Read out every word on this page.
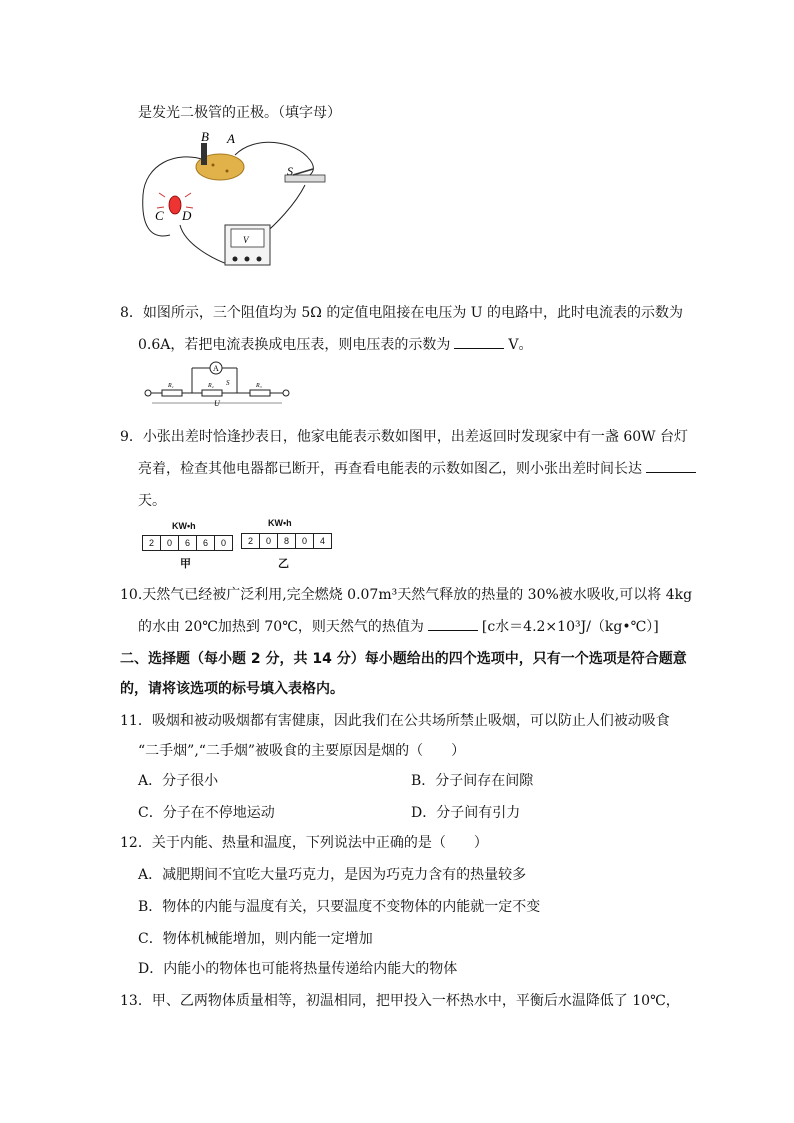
是发光二极管的正极。（填字母）
V
B A
S
C D
8．如图所示，三个阻值均为 5Ω 的定值电阻接在电压为 U 的电路中，此时电流表的示数为
0.6A，若把电流表换成电压表，则电压表的示数为	V。
A
R₁	R₂ S	R₃
U
9．小张出差时恰逢抄表日，他家电能表示数如图甲，出差返回时发现家中有一盏 60W 台灯
亮着，检查其他电器都已断开，再查看电能表的示数如图乙，则小张出差时间长达
天。
KW•h
2	0	6	6	0
甲
KW•h
2	0	8	0	4
乙
10.天然气已经被广泛利用,完全燃烧 0.07m³天然气释放的热量的 30%被水吸收,可以将 4kg
的水由 20℃加热到 70℃，则天然气的热值为	[c水＝4.2×10³J/（kg•℃）]
二、选择题（每小题 2 分，共 14 分）每小题给出的四个选项中，只有一个选项是符合题意
的，请将该选项的标号填入表格内。
11．吸烟和被动吸烟都有害健康，因此我们在公共场所禁止吸烟，可以防止人们被动吸食
“二手烟”,“二手烟”被吸食的主要原因是烟的（　　）
A．分子很小	B．分子间存在间隙
C．分子在不停地运动	D．分子间有引力
12．关于内能、热量和温度，下列说法中正确的是（　　）
A．减肥期间不宜吃大量巧克力，是因为巧克力含有的热量较多
B．物体的内能与温度有关，只要温度不变物体的内能就一定不变
C．物体机械能增加，则内能一定增加
D．内能小的物体也可能将热量传递给内能大的物体
13．甲、乙两物体质量相等，初温相同，把甲投入一杯热水中，平衡后水温降低了 10℃，
